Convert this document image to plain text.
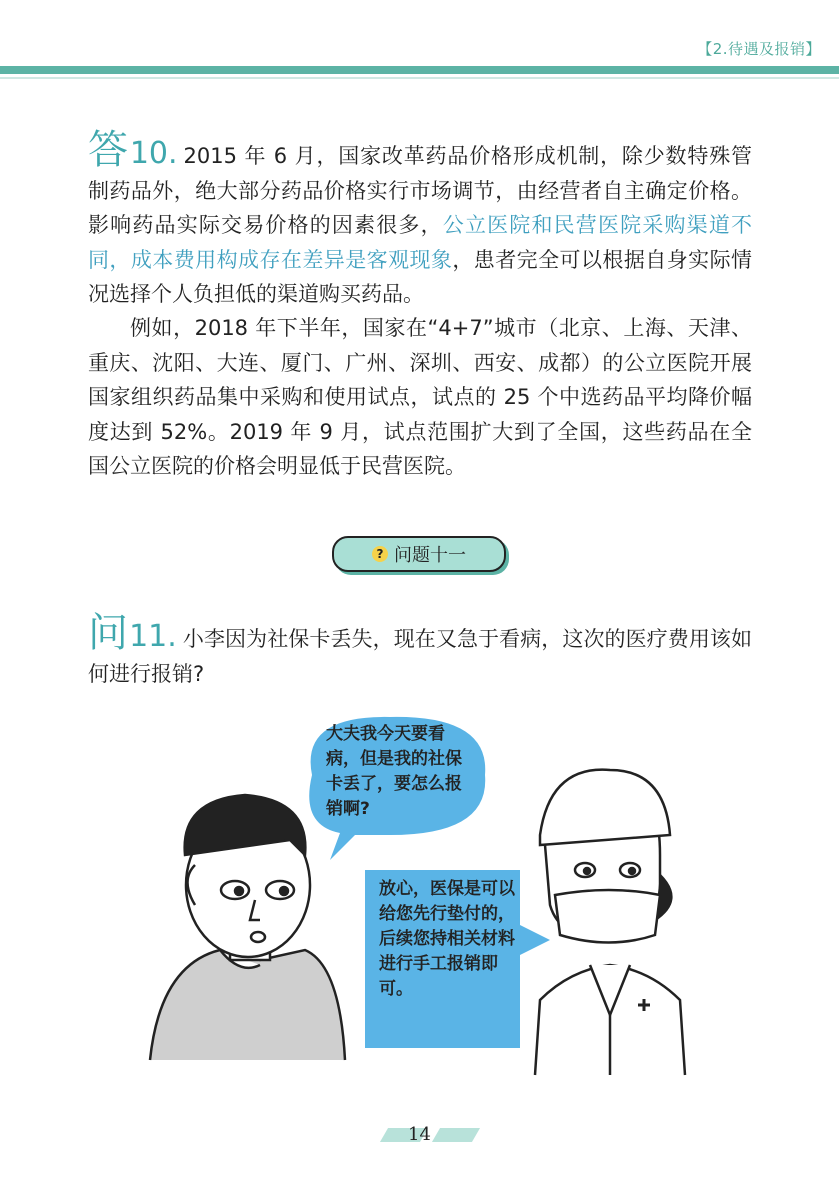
【2.待遇及报销】

答10. 2015 年 6 月，国家改革药品价格形成机制，除少数特殊管制药品外，绝大部分药品价格实行市场调节，由经营者自主确定价格。影响药品实际交易价格的因素很多，公立医院和民营医院采购渠道不同，成本费用构成存在差异是客观现象，患者完全可以根据自身实际情况选择个人负担低的渠道购买药品。

例如，2018 年下半年，国家在“4+7”城市（北京、上海、天津、重庆、沈阳、大连、厦门、广州、深圳、西安、成都）的公立医院开展国家组织药品集中采购和使用试点，试点的 25 个中选药品平均降价幅度达到 52%。2019 年 9 月，试点范围扩大到了全国，这些药品在全国公立医院的价格会明显低于民营医院。

? 问题十一

问11. 小李因为社保卡丢失，现在又急于看病，这次的医疗费用该如何进行报销?

大夫我今天要看病，但是我的社保卡丢了，要怎么报销啊?
放心，医保是可以给您先行垫付的，后续您持相关材料进行手工报销即可。
14
